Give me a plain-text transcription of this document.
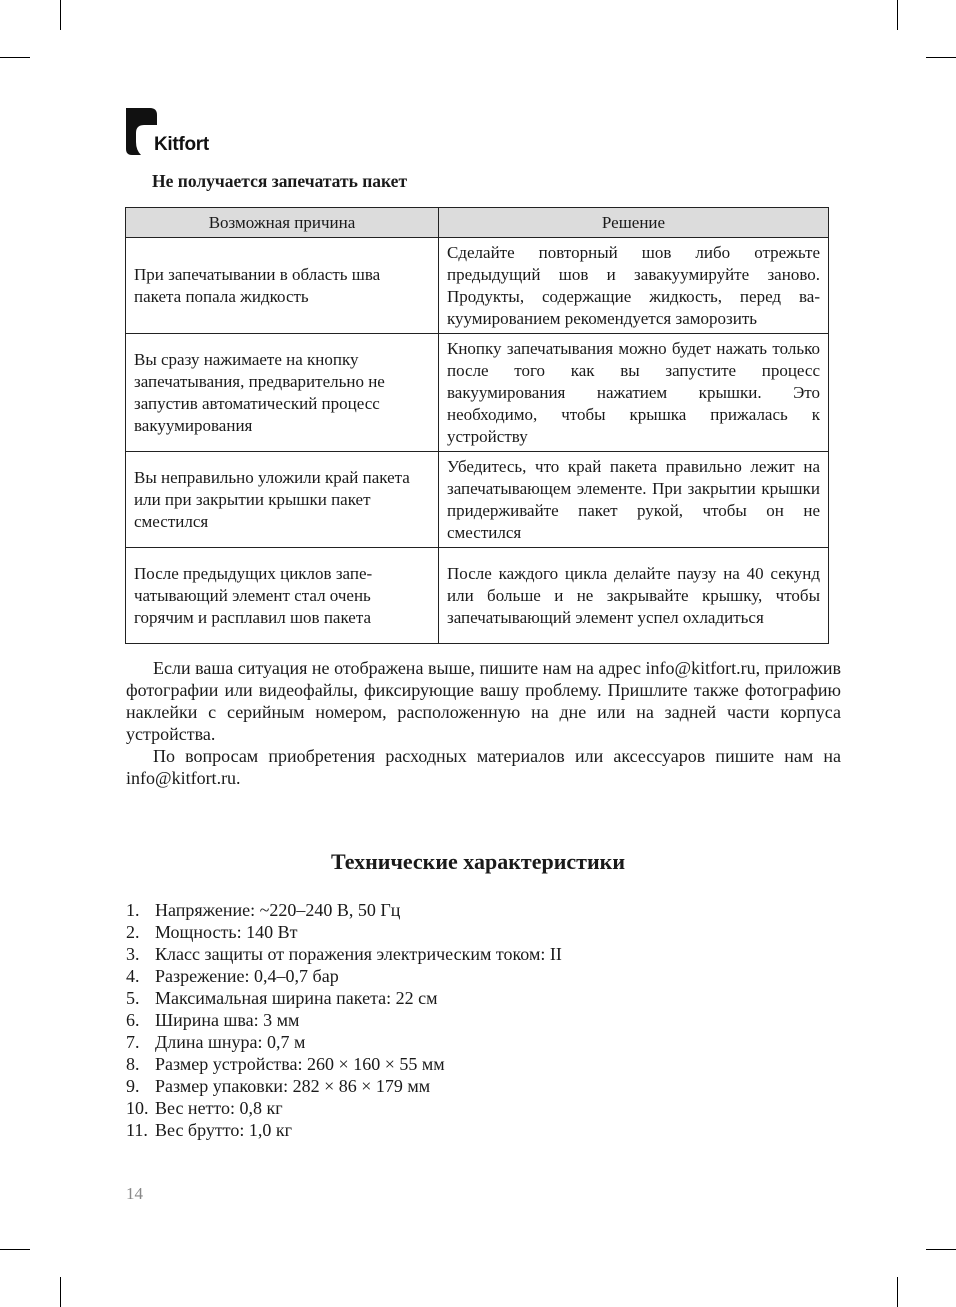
Kitfort
Не получается запечатать пакет
Возможная причина	Решение
При запечатывании в область шва пакета попала жидкость	Сделайте повторный шов либо отрежьте предыдущий шов и завакуумируйте заново. Продукты, содержащие жидкость, перед вакуумированием рекомендуется заморозить
Вы сразу нажимаете на кнопку запечатывания, предварительно не запустив автоматический процесс вакуумирования	Кнопку запечатывания можно будет нажать только после того как вы запустите процесс вакуумирования нажатием крышки. Это необходимо, чтобы крышка прижалась к устройству
Вы неправильно уложили край пакета или при закрытии крышки пакет сместился	Убедитесь, что край пакета правильно лежит на запечатывающем элементе. При закрытии крышки придерживайте пакет рукой, чтобы он не сместился
После предыдущих циклов запечатывающий элемент стал очень горячим и расплавил шов пакета	После каждого цикла делайте паузу на 40 секунд или больше и не закрывайте крышку, чтобы запечатывающий элемент успел охладиться

Если ваша ситуация не отображена выше, пишите нам на адрес info@kitfort.ru, приложив фотографии или видеофайлы, фиксирующие вашу проблему. Пришлите также фотографию наклейки с серийным номером, расположенную на дне или на задней части корпуса устройства.

По вопросам приобретения расходных материалов или аксессуаров пишите нам на info@kitfort.ru.

Технические характеристики
1. Напряжение: ~220–240 В, 50 Гц
2. Мощность: 140 Вт
3. Класс защиты от поражения электрическим током: II
4. Разрежение: 0,4–0,7 бар
5. Максимальная ширина пакета: 22 см
6. Ширина шва: 3 мм
7. Длина шнура: 0,7 м
8. Размер устройства: 260 × 160 × 55 мм
9. Размер упаковки: 282 × 86 × 179 мм
10. Вес нетто: 0,8 кг
11. Вес брутто: 1,0 кг
14
